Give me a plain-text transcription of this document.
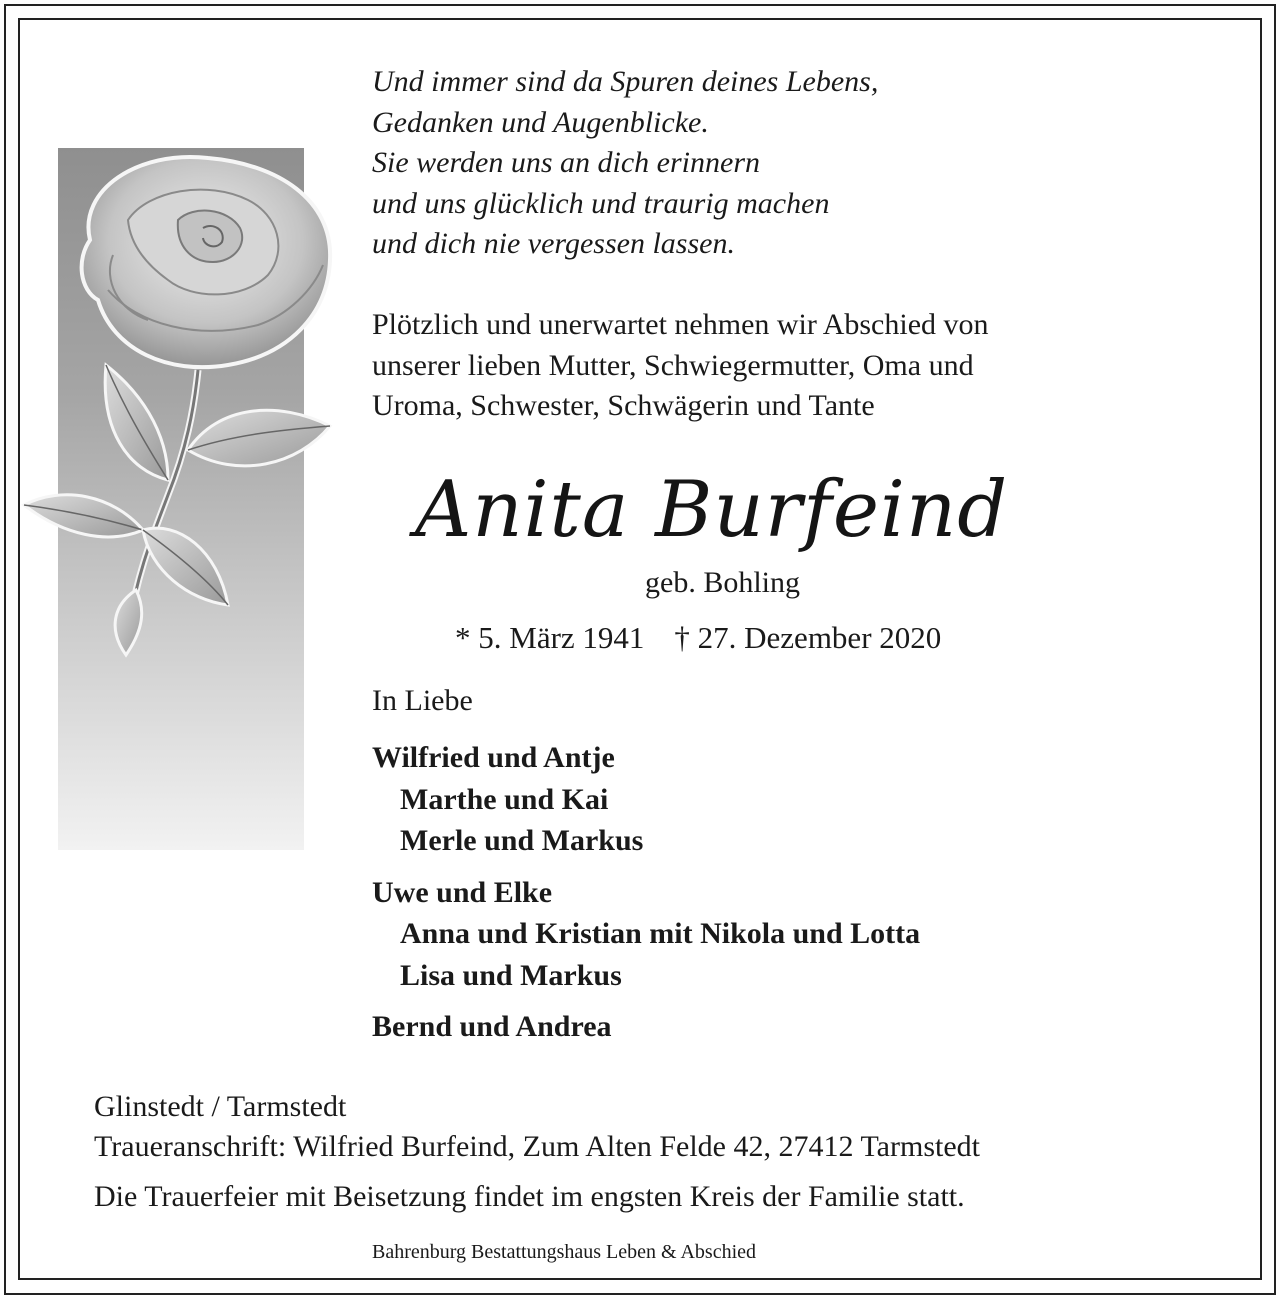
Und immer sind da Spuren deines Lebens,
Gedanken und Augenblicke.
Sie werden uns an dich erinnern
und uns glücklich und traurig machen
und dich nie vergessen lassen.
Plötzlich und unerwartet nehmen wir Abschied von
unserer lieben Mutter, Schwiegermutter, Oma und
Uroma, Schwester, Schwägerin und Tante
Anita Burfeind
geb. Bohling
* 5. März 1941 † 27. Dezember 2020
In Liebe
Wilfried und Antje
Marthe und Kai
Merle und Markus
Uwe und Elke
Anna und Kristian mit Nikola und Lotta
Lisa und Markus
Bernd und Andrea
Glinstedt / Tarmstedt
Traueranschrift: Wilfried Burfeind, Zum Alten Felde 42, 27412 Tarmstedt
Die Trauerfeier mit Beisetzung findet im engsten Kreis der Familie statt.
Bahrenburg Bestattungshaus Leben & Abschied
